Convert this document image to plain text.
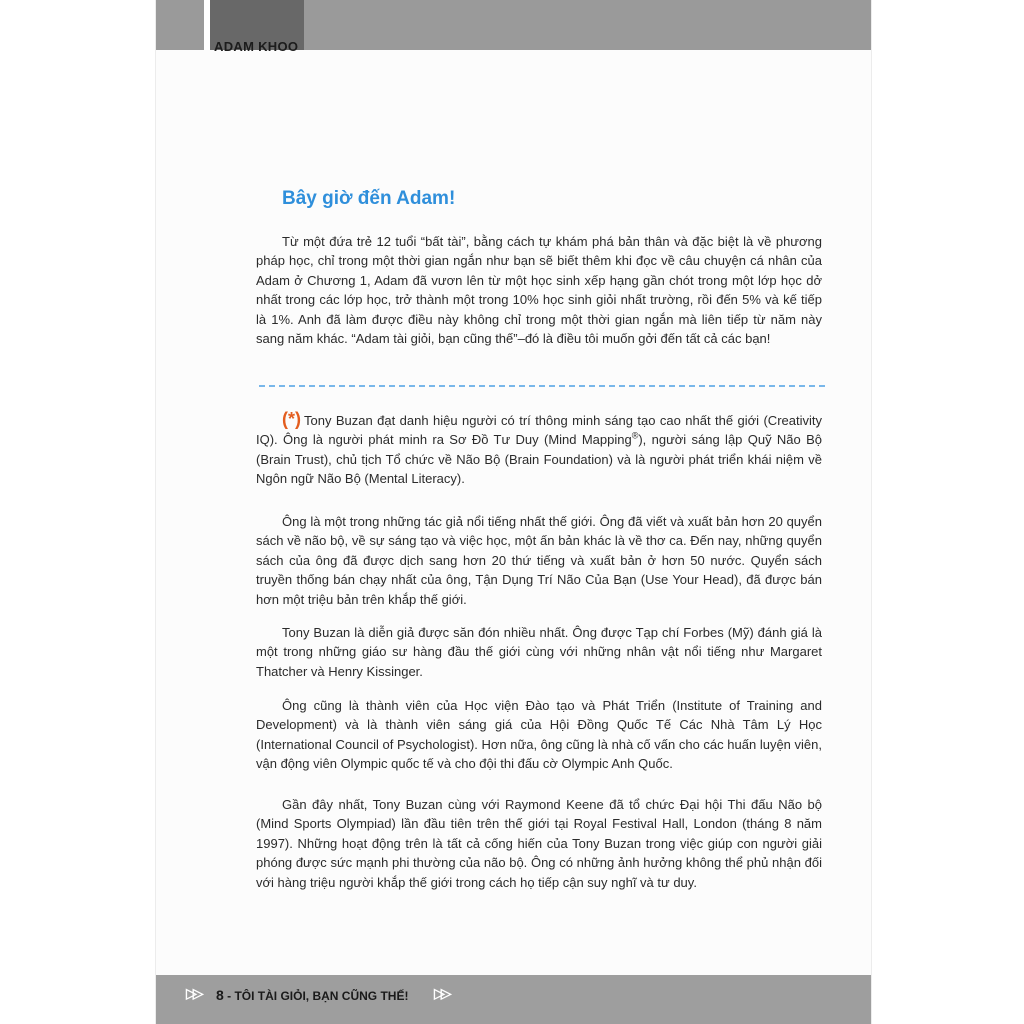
ADAM KHOO
Bây giờ đến Adam!

Từ một đứa trẻ 12 tuổi “bất tài”, bằng cách tự khám phá bản thân và đặc biệt là về phương pháp học, chỉ trong một thời gian ngắn như bạn sẽ biết thêm khi đọc về câu chuyện cá nhân của Adam ở Chương 1, Adam đã vươn lên từ một học sinh xếp hạng gần chót trong một lớp học dở nhất trong các lớp học, trở thành một trong 10% học sinh giỏi nhất trường, rồi đến 5% và kế tiếp là 1%. Anh đã làm được điều này không chỉ trong một thời gian ngắn mà liên tiếp từ năm này sang năm khác. “Adam tài giỏi, bạn cũng thế”–đó là điều tôi muốn gởi đến tất cả các bạn!

(*) Tony Buzan đạt danh hiệu người có trí thông minh sáng tạo cao nhất thế giới (Creativity IQ). Ông là người phát minh ra Sơ Đồ Tư Duy (Mind Mapping®), người sáng lập Quỹ Não Bộ (Brain Trust), chủ tịch Tổ chức về Não Bộ (Brain Foundation) và là người phát triển khái niệm về Ngôn ngữ Não Bộ (Mental Literacy).

Ông là một trong những tác giả nổi tiếng nhất thế giới. Ông đã viết và xuất bản hơn 20 quyển sách về não bộ, về sự sáng tạo và việc học, một ấn bản khác là về thơ ca. Đến nay, những quyển sách của ông đã được dịch sang hơn 20 thứ tiếng và xuất bản ở hơn 50 nước. Quyển sách truyền thống bán chạy nhất của ông, Tận Dụng Trí Não Của Bạn (Use Your Head), đã được bán hơn một triệu bản trên khắp thế giới.

Tony Buzan là diễn giả được săn đón nhiều nhất. Ông được Tạp chí Forbes (Mỹ) đánh giá là một trong những giáo sư hàng đầu thế giới cùng với những nhân vật nổi tiếng như Margaret Thatcher và Henry Kissinger.

Ông cũng là thành viên của Học viện Đào tạo và Phát Triển (Institute of Training and Development) và là thành viên sáng giá của Hội Đồng Quốc Tế Các Nhà Tâm Lý Học (International Council of Psychologist). Hơn nữa, ông cũng là nhà cố vấn cho các huấn luyện viên, vận động viên Olympic quốc tế và cho đội thi đấu cờ Olympic Anh Quốc.

Gần đây nhất, Tony Buzan cùng với Raymond Keene đã tổ chức Đại hội Thi đấu Não bộ (Mind Sports Olympiad) lần đầu tiên trên thế giới tại Royal Festival Hall, London (tháng 8 năm 1997). Những hoạt động trên là tất cả cống hiến của Tony Buzan trong việc giúp con người giải phóng được sức mạnh phi thường của não bộ. Ông có những ảnh hưởng không thể phủ nhận đối với hàng triệu người khắp thế giới trong cách họ tiếp cận suy nghĩ và tư duy.

▷▷ 8 - TÔI TÀI GIỎI, BẠN CŨNG THẾ! ▷▷
